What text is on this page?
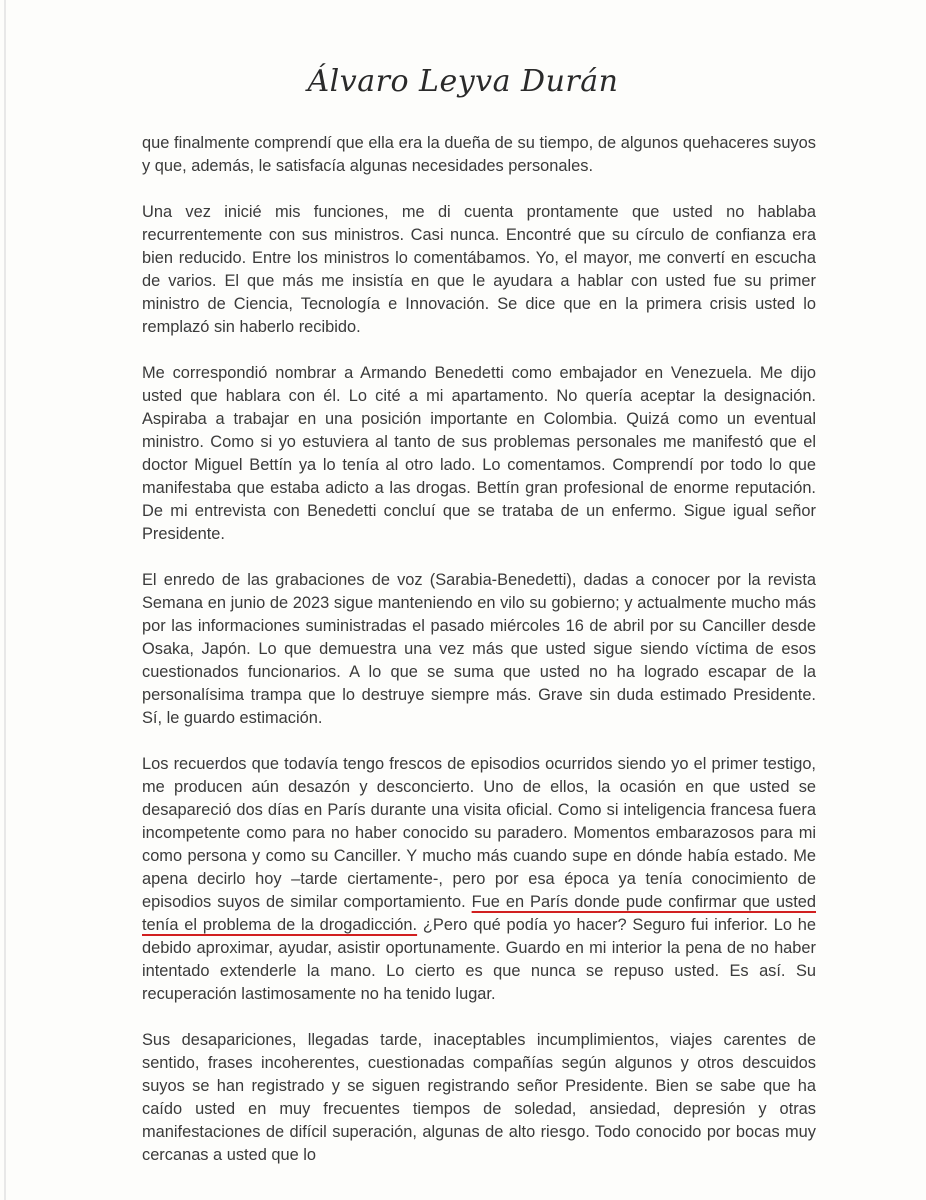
Álvaro Leyva Durán

que finalmente comprendí que ella era la dueña de su tiempo, de algunos quehaceres suyos y que, además, le satisfacía algunas necesidades personales.

Una vez inicié mis funciones, me di cuenta prontamente que usted no hablaba recurrentemente con sus ministros. Casi nunca. Encontré que su círculo de confianza era bien reducido. Entre los ministros lo comentábamos. Yo, el mayor, me convertí en escucha de varios. El que más me insistía en que le ayudara a hablar con usted fue su primer ministro de Ciencia, Tecnología e Innovación. Se dice que en la primera crisis usted lo remplazó sin haberlo recibido.

Me correspondió nombrar a Armando Benedetti como embajador en Venezuela. Me dijo usted que hablara con él. Lo cité a mi apartamento. No quería aceptar la designación. Aspiraba a trabajar en una posición importante en Colombia. Quizá como un eventual ministro. Como si yo estuviera al tanto de sus problemas personales me manifestó que el doctor Miguel Bettín ya lo tenía al otro lado. Lo comentamos. Comprendí por todo lo que manifestaba que estaba adicto a las drogas. Bettín gran profesional de enorme reputación. De mi entrevista con Benedetti concluí que se trataba de un enfermo. Sigue igual señor Presidente.

El enredo de las grabaciones de voz (Sarabia-Benedetti), dadas a conocer por la revista Semana en junio de 2023 sigue manteniendo en vilo su gobierno; y actualmente mucho más por las informaciones suministradas el pasado miércoles 16 de abril por su Canciller desde Osaka, Japón. Lo que demuestra una vez más que usted sigue siendo víctima de esos cuestionados funcionarios. A lo que se suma que usted no ha logrado escapar de la personalísima trampa que lo destruye siempre más. Grave sin duda estimado Presidente. Sí, le guardo estimación.

Los recuerdos que todavía tengo frescos de episodios ocurridos siendo yo el primer testigo, me producen aún desazón y desconcierto. Uno de ellos, la ocasión en que usted se desapareció dos días en París durante una visita oficial. Como si inteligencia francesa fuera incompetente como para no haber conocido su paradero. Momentos embarazosos para mi como persona y como su Canciller. Y mucho más cuando supe en dónde había estado. Me apena decirlo hoy –tarde ciertamente-, pero por esa época ya tenía conocimiento de episodios suyos de similar comportamiento. Fue en París donde pude confirmar que usted tenía el problema de la drogadicción. ¿Pero qué podía yo hacer? Seguro fui inferior. Lo he debido aproximar, ayudar, asistir oportunamente. Guardo en mi interior la pena de no haber intentado extenderle la mano. Lo cierto es que nunca se repuso usted. Es así. Su recuperación lastimosamente no ha tenido lugar.

Sus desapariciones, llegadas tarde, inaceptables incumplimientos, viajes carentes de sentido, frases incoherentes, cuestionadas compañías según algunos y otros descuidos suyos se han registrado y se siguen registrando señor Presidente. Bien se sabe que ha caído usted en muy frecuentes tiempos de soledad, ansiedad, depresión y otras manifestaciones de difícil superación, algunas de alto riesgo. Todo conocido por bocas muy cercanas a usted que lo
